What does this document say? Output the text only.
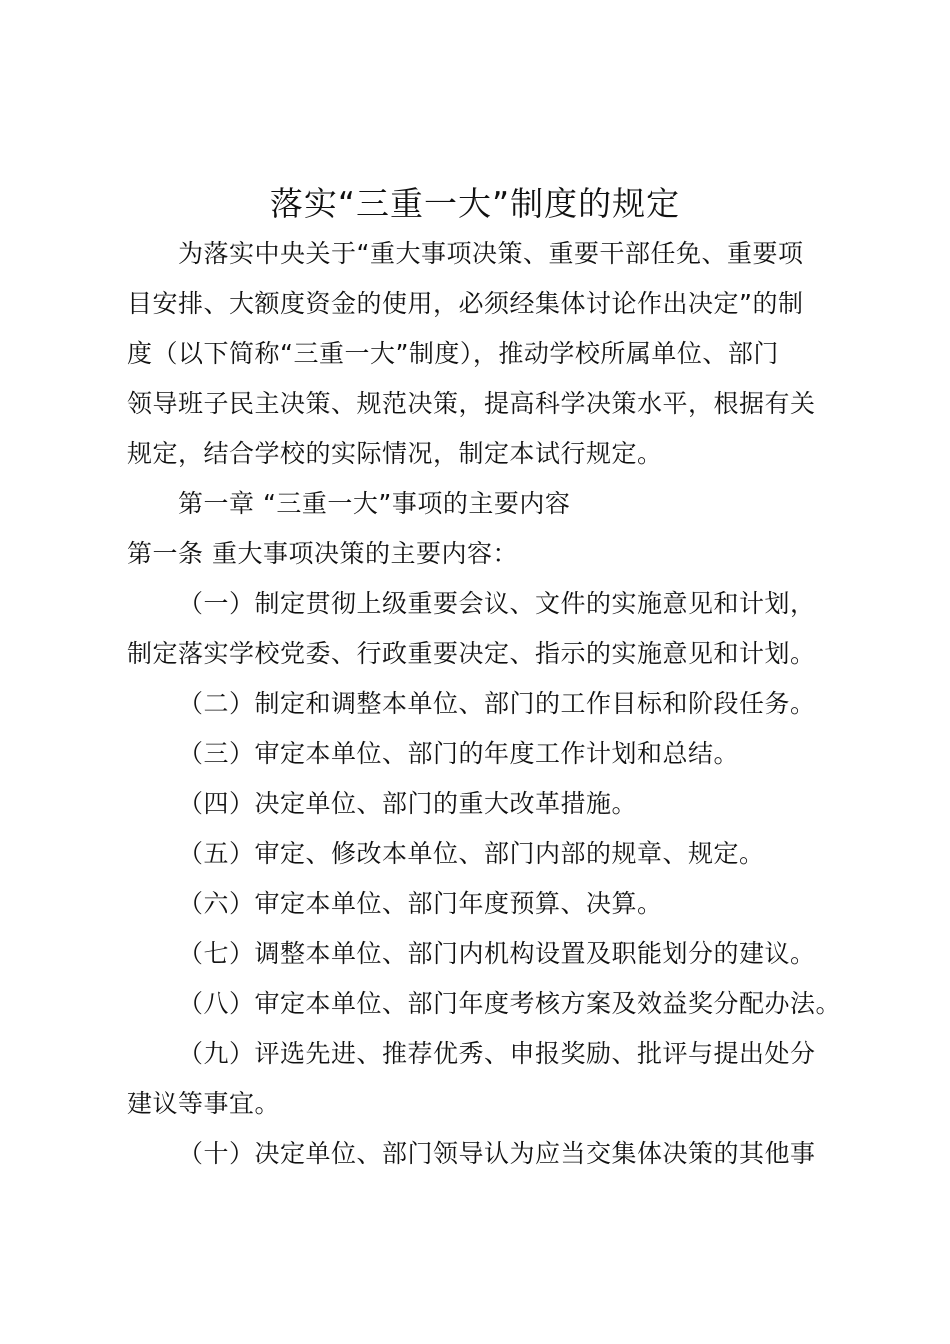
落实“三重一大”制度的规定
为落实中央关于“重大事项决策、重要干部任免、重要项
目安排、大额度资金的使用，必须经集体讨论作出决定”的制
度（以下简称“三重一大”制度），推动学校所属单位、部门
领导班子民主决策、规范决策，提高科学决策水平，根据有关
规定，结合学校的实际情况，制定本试行规定。
第一章 “三重一大”事项的主要内容
第一条 重大事项决策的主要内容：
（一）制定贯彻上级重要会议、文件的实施意见和计划，
制定落实学校党委、行政重要决定、指示的实施意见和计划。
（二）制定和调整本单位、部门的工作目标和阶段任务。
（三）审定本单位、部门的年度工作计划和总结。
（四）决定单位、部门的重大改革措施。
（五）审定、修改本单位、部门内部的规章、规定。
（六）审定本单位、部门年度预算、决算。
（七）调整本单位、部门内机构设置及职能划分的建议。
（八）审定本单位、部门年度考核方案及效益奖分配办法。
（九）评选先进、推荐优秀、申报奖励、批评与提出处分
建议等事宜。
（十）决定单位、部门领导认为应当交集体决策的其他事
